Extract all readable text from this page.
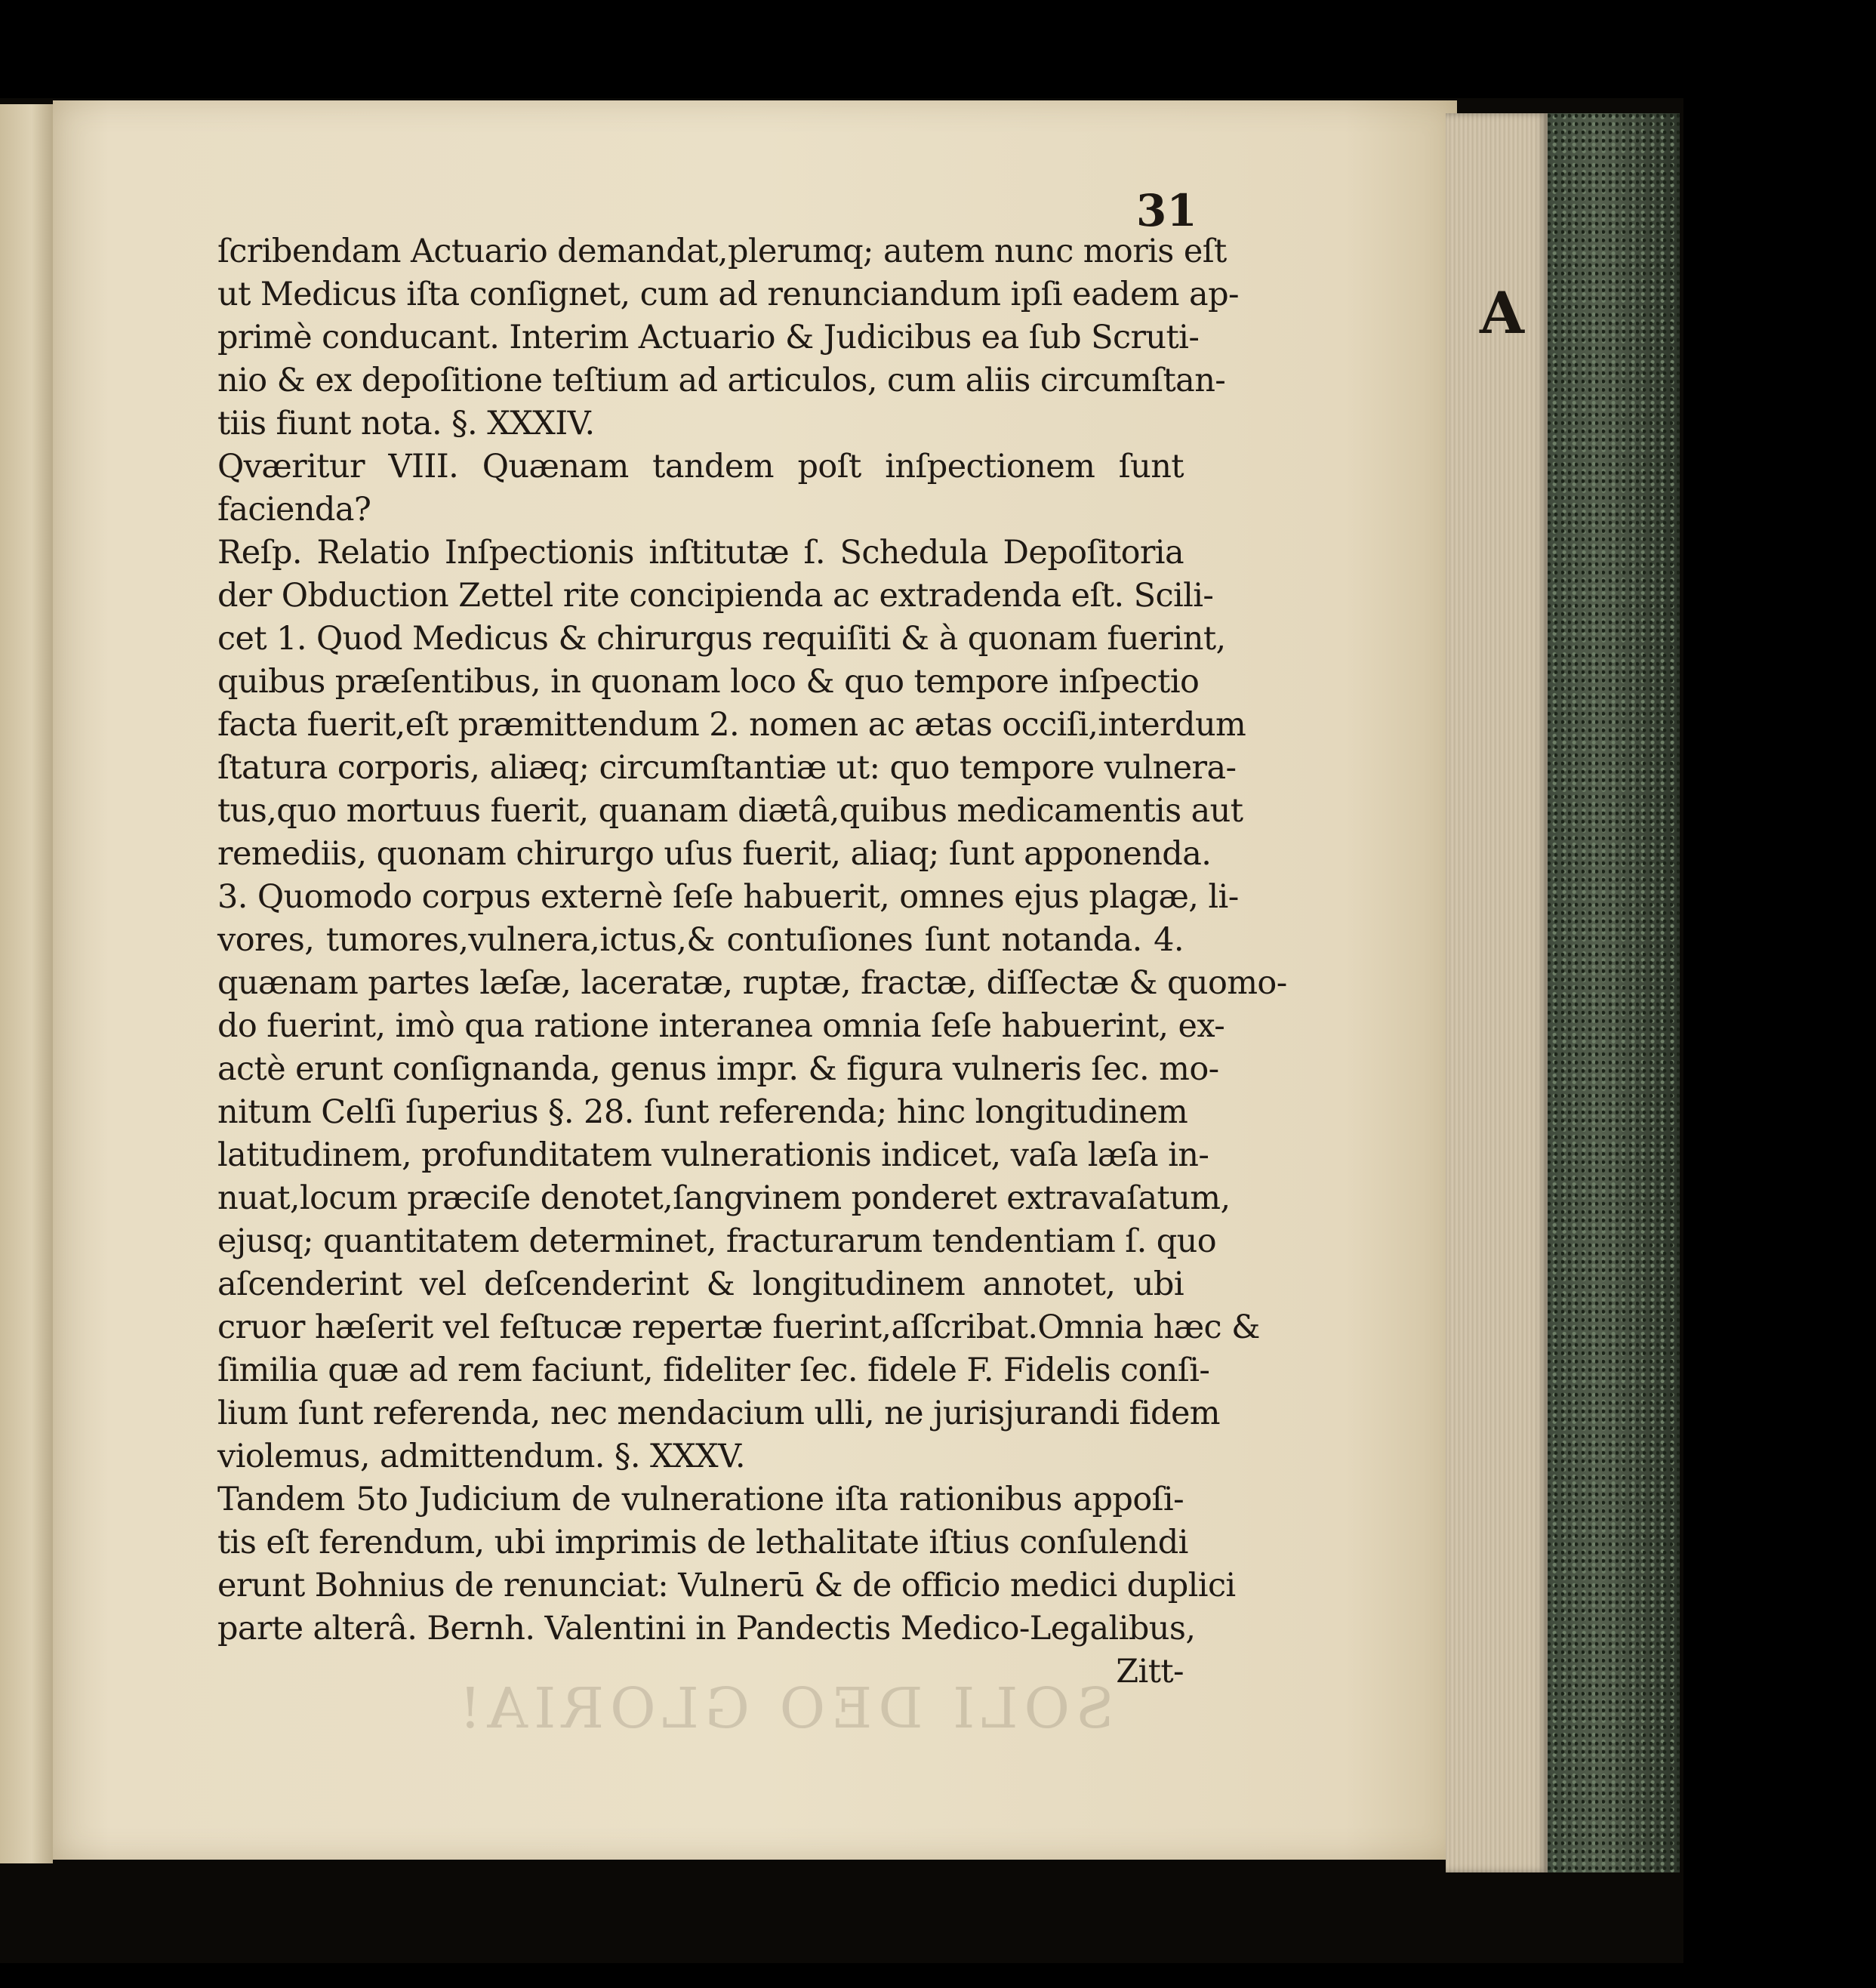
SOLI DEO GLORIA!
31
A
ſcribendam Actuario demandat,plerumq; autem nunc moris eſt
ut Medicus iſta conſignet, cum ad renunciandum ipſi eadem ap-
primè conducant. Interim Actuario & Judicibus ea ſub Scruti-
nio & ex depoſitione teſtium ad articulos, cum aliis circumſtan-
tiis fiunt nota. §. XXXIV.
Qværitur VIII. Quænam tandem poſt inſpectionem ſunt
facienda?
Reſp. Relatio Inſpectionis inſtitutæ ſ. Schedula Depoſitoria
der Obduction Zettel rite concipienda ac extradenda eſt. Scili-
cet 1. Quod Medicus & chirurgus requiſiti & à quonam fuerint,
quibus præſentibus, in quonam loco & quo tempore inſpectio
facta fuerit,eſt præmittendum 2. nomen ac ætas occiſi,interdum
ſtatura corporis, aliæq; circumſtantiæ ut: quo tempore vulnera-
tus,quo mortuus fuerit, quanam diætâ,quibus medicamentis aut
remediis, quonam chirurgo uſus fuerit, aliaq; ſunt apponenda.
3. Quomodo corpus externè ſeſe habuerit, omnes ejus plagæ, li-
vores, tumores,vulnera,ictus,& contuſiones ſunt notanda. 4.
quænam partes læſæ, laceratæ, ruptæ, fractæ, diſſectæ & quomo-
do fuerint, imò qua ratione interanea omnia ſeſe habuerint, ex-
actè erunt conſignanda, genus impr. & figura vulneris ſec. mo-
nitum Celſi ſuperius §. 28. ſunt referenda; hinc longitudinem
latitudinem, profunditatem vulnerationis indicet, vaſa læſa in-
nuat,locum præciſe denotet,ſangvinem ponderet extravaſatum,
ejusq; quantitatem determinet, fracturarum tendentiam ſ. quo
aſcenderint vel deſcenderint & longitudinem annotet, ubi
cruor hæſerit vel feſtucæ repertæ fuerint,aſſcribat.Omnia hæc &
ſimilia quæ ad rem faciunt, fideliter ſec. fidele F. Fidelis conſi-
lium ſunt referenda, nec mendacium ulli, ne jurisjurandi fidem
violemus, admittendum. §. XXXV.
Tandem 5to Judicium de vulneratione iſta rationibus appoſi-
tis eſt ferendum, ubi imprimis de lethalitate iſtius conſulendi
erunt Bohnius de renunciat: Vulnerū & de officio medici duplici
parte alterâ. Bernh. Valentini in Pandectis Medico-Legalibus,
Zitt-
